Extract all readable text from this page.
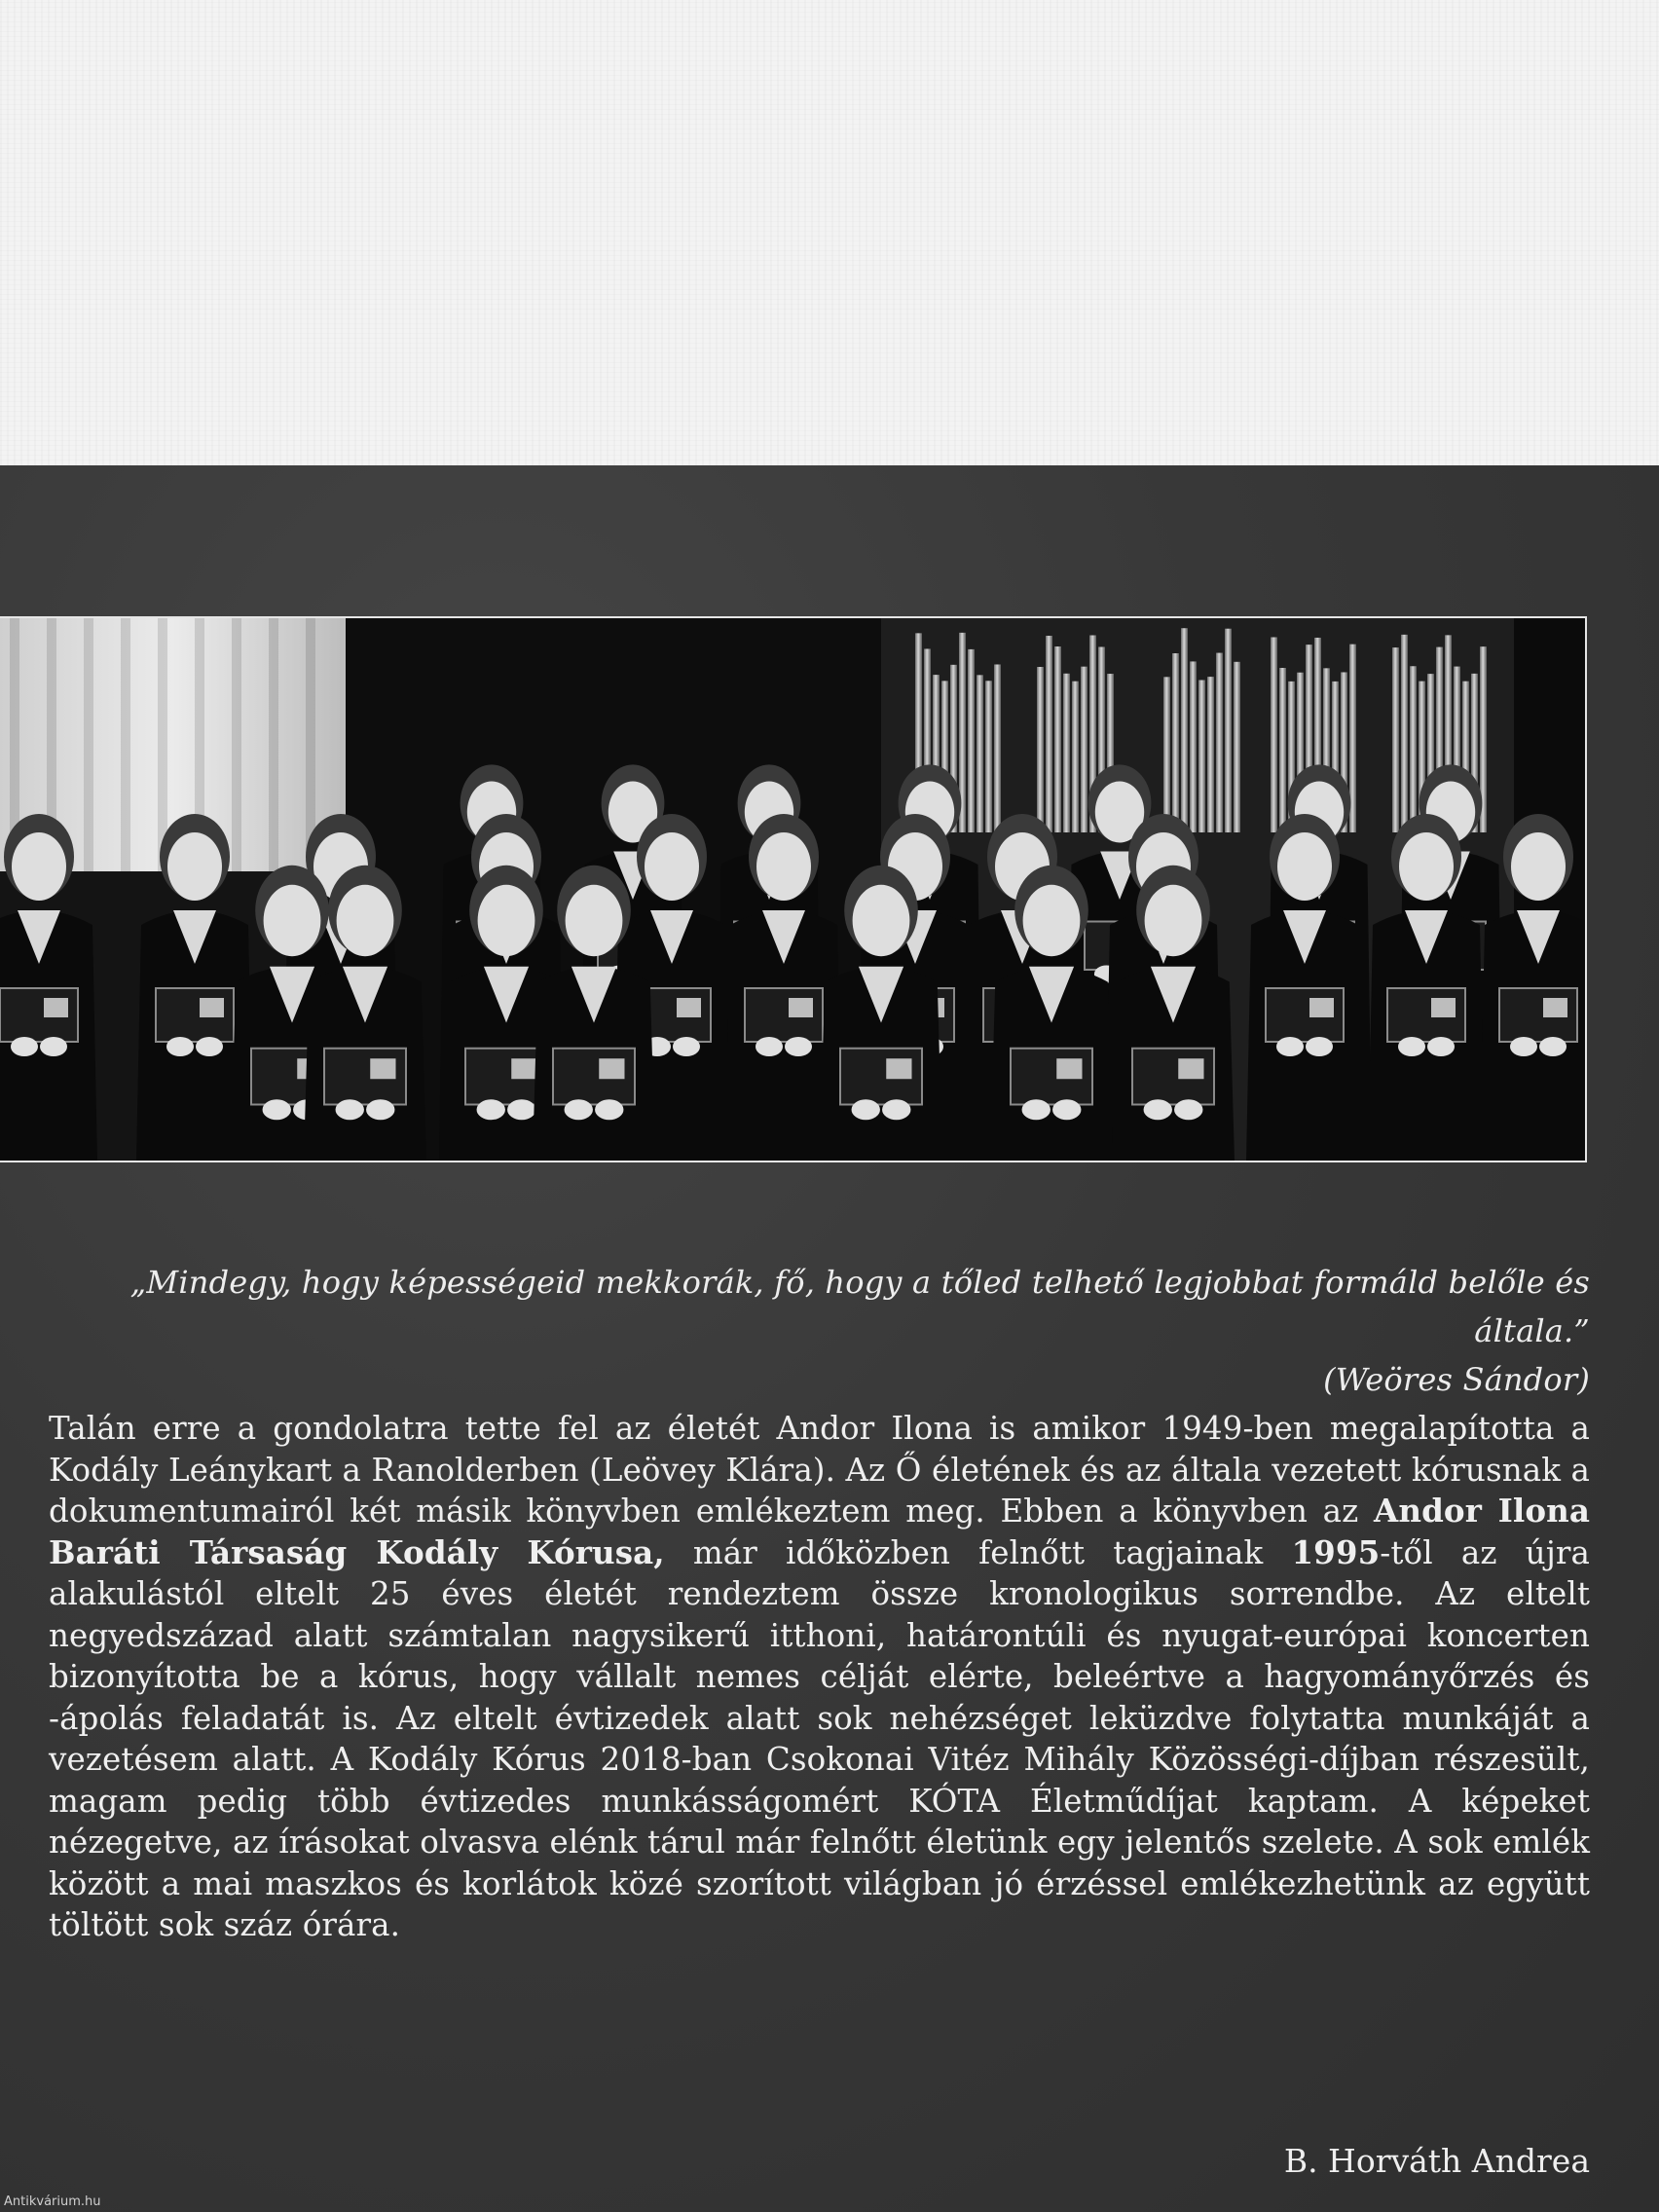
„Mindegy, hogy képességeid mekkorák, fő, hogy a tőled telhető legjobbat formáld belőle és általa.”
(Weöres Sándor)
Talán erre a gondolatra tette fel az életét Andor Ilona is amikor 1949-ben megalapította a Kodály Leánykart a Ranolderben (Leövey Klára). Az Ő életének és az általa vezetett kórusnak a dokumentumairól két másik könyvben emlékeztem meg. Ebben a könyvben az Andor Ilona Baráti Társaság Kodály Kórusa, már időközben felnőtt tagjainak 1995-től az újra alakulástól eltelt 25 éves életét rendeztem össze kronologikus sorrendbe. Az eltelt negyedszázad alatt számtalan nagysikerű itthoni, határontúli és nyugat-európai koncerten bizonyította be a kórus, hogy vállalt nemes célját elérte, beleértve a hagyományőrzés és -ápolás feladatát is. Az eltelt évtizedek alatt sok nehézséget leküzdve folytatta munkáját a vezetésem alatt. A Kodály Kórus 2018-ban Csokonai Vitéz Mihály Közösségi-díjban részesült, magam pedig több évtizedes munkásságomért KÓTA Életműdíjat kaptam. A képeket nézegetve, az írásokat olvasva elénk tárul már felnőtt életünk egy jelentős szelete. A sok emlék között a mai maszkos és korlátok közé szorított világban jó érzéssel emlékezhetünk az együtt töltött sok száz órára.
B. Horváth Andrea
Antikvárium.hu
